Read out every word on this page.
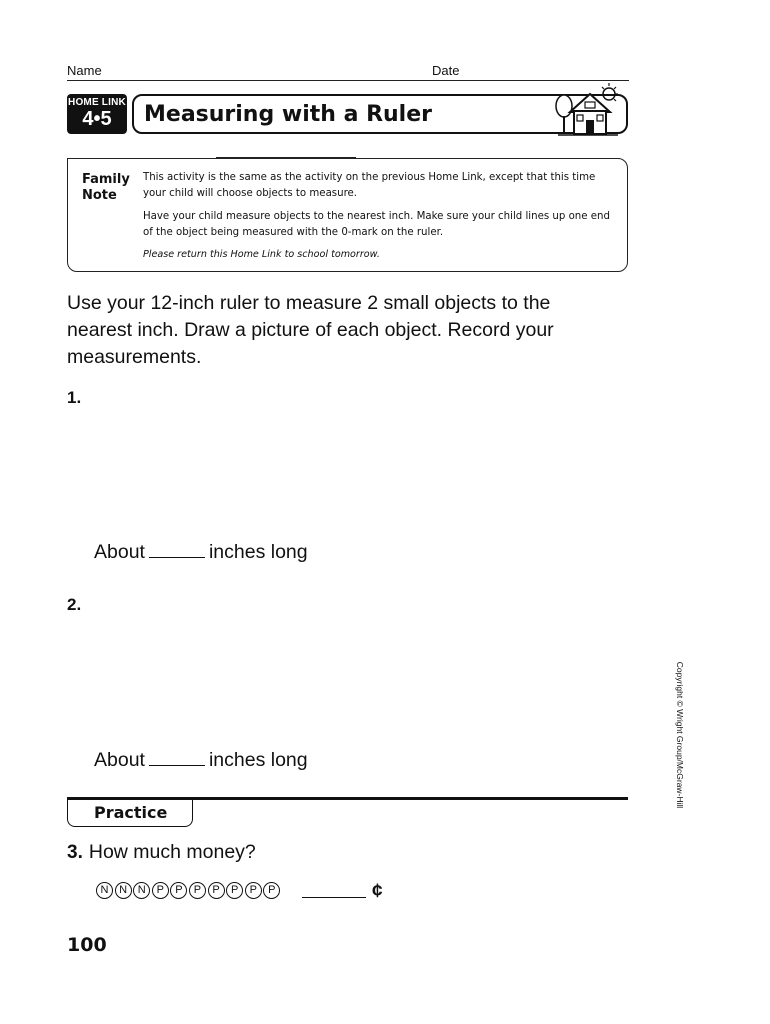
Name	Date
HOME LINK
4•5	Measuring with a Ruler
Family
Note
This activity is the same as the activity on the previous Home Link, except that this time your child will choose objects to measure.
Have your child measure objects to the nearest inch. Make sure your child lines up one end of the object being measured with the 0-mark on the ruler.
Please return this Home Link to school tomorrow.
Use your 12-inch ruler to measure 2 small objects to the nearest inch. Draw a picture of each object. Record your measurements.
1.
About	inches long
2.
About	inches long
Practice
3. How much money?
N N N P P P P P P P	¢
100
Copyright © Wright Group/McGraw-Hill
